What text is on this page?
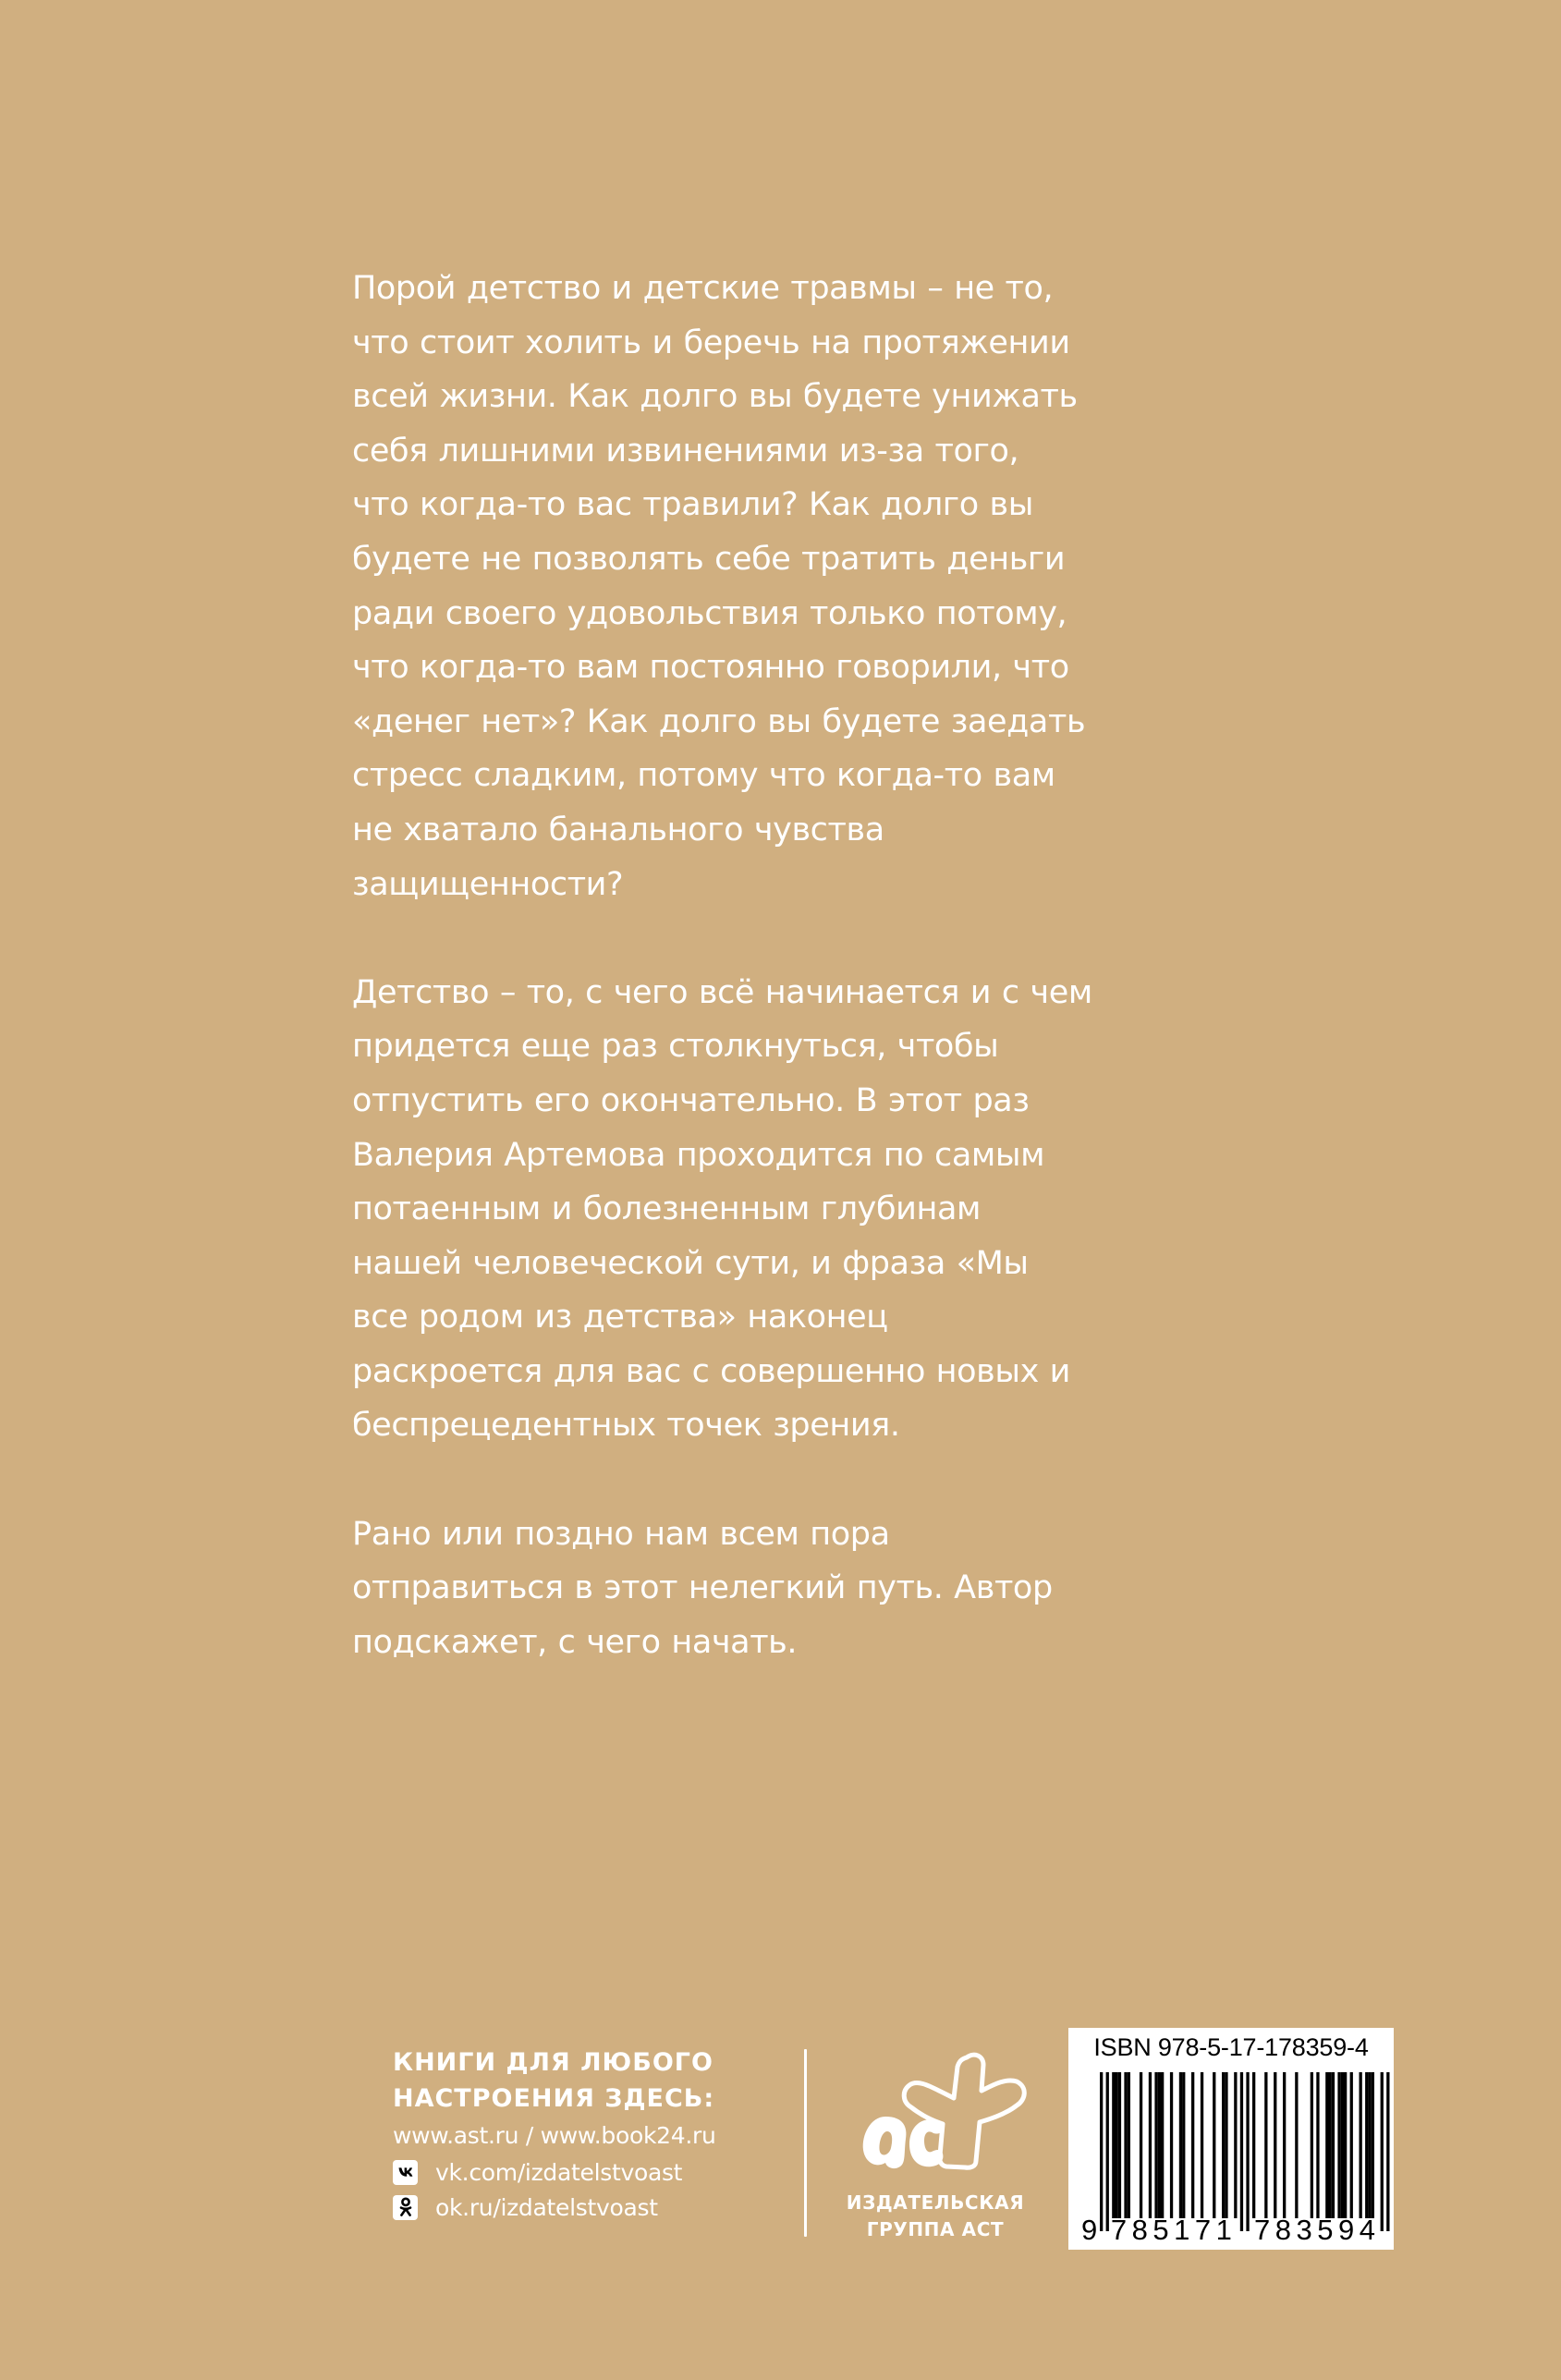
Порой детство и детские травмы – не то,
что стоит холить и беречь на протяжении
всей жизни. Как долго вы будете унижать
себя лишними извинениями из-за того,
что когда-то вас травили? Как долго вы
будете не позволять себе тратить деньги
ради своего удовольствия только потому,
что когда-то вам постоянно говорили, что
«денег нет»? Как долго вы будете заедать
стресс сладким, потому что когда-то вам
не хватало банального чувства
защищенности?
Детство – то, с чего всё начинается и с чем
придется еще раз столкнуться, чтобы
отпустить его окончательно. В этот раз
Валерия Артемова проходится по самым
потаенным и болезненным глубинам
нашей человеческой сути, и фраза «Мы
все родом из детства» наконец
раскроется для вас с совершенно новых и
беспрецедентных точек зрения.
Рано или поздно нам всем пора
отправиться в этот нелегкий путь. Автор
подскажет, с чего начать.
КНИГИ ДЛЯ ЛЮБОГО
НАСТРОЕНИЯ ЗДЕСЬ:
www.ast.ru / www.book24.ru
vk.com/izdatelstvoast
ok.ru/izdatelstvoast	ИЗДАТЕЛЬСКАЯ
ГРУППА АСТ
ISBN 978-5-17-178359-4
9 785171 783594
